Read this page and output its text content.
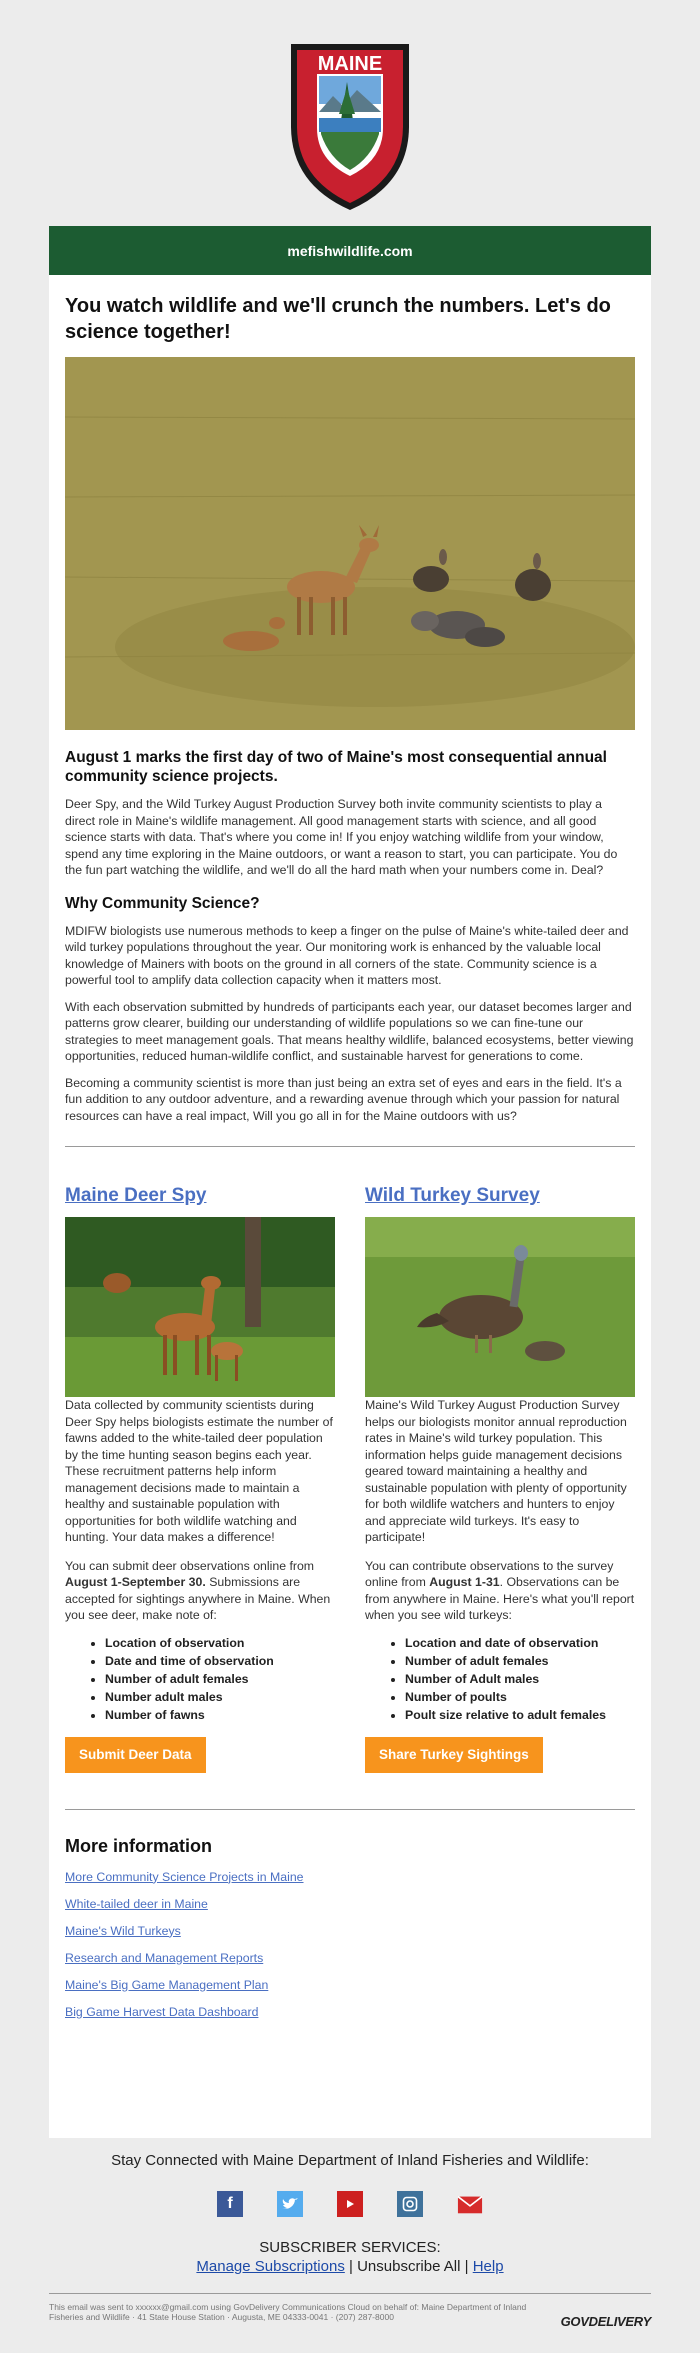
MAINE
mefishwildlife.com
You watch wildlife and we'll crunch the numbers. Let's do science together!
August 1 marks the first day of two of Maine's most consequential annual community science projects.

Deer Spy, and the Wild Turkey August Production Survey both invite community scientists to play a direct role in Maine's wildlife management. All good management starts with science, and all good science starts with data. That's where you come in! If you enjoy watching wildlife from your window, spend any time exploring in the Maine outdoors, or want a reason to start, you can participate. You do the fun part watching the wildlife, and we'll do all the hard math when your numbers come in. Deal?

Why Community Science?

MDIFW biologists use numerous methods to keep a finger on the pulse of Maine's white-tailed deer and wild turkey populations throughout the year. Our monitoring work is enhanced by the valuable local knowledge of Mainers with boots on the ground in all corners of the state. Community science is a powerful tool to amplify data collection capacity when it matters most.

With each observation submitted by hundreds of participants each year, our dataset becomes larger and patterns grow clearer, building our understanding of wildlife populations so we can fine-tune our strategies to meet management goals. That means healthy wildlife, balanced ecosystems, better viewing opportunities, reduced human-wildlife conflict, and sustainable harvest for generations to come.

Becoming a community scientist is more than just being an extra set of eyes and ears in the field. It's a fun addition to any outdoor adventure, and a rewarding avenue through which your passion for natural resources can have a real impact, Will you go all in for the Maine outdoors with us?

Maine Deer Spy

Data collected by community scientists during Deer Spy helps biologists estimate the number of fawns added to the white-tailed deer population by the time hunting season begins each year. These recruitment patterns help inform management decisions made to maintain a healthy and sustainable population with opportunities for both wildlife watching and hunting. Your data makes a difference!

You can submit deer observations online from August 1-September 30. Submissions are accepted for sightings anywhere in Maine. When you see deer, make note of:

• Location of observation
• Date and time of observation
• Number of adult females
• Number adult males
• Number of fawns
Submit Deer Data
Wild Turkey Survey

Maine's Wild Turkey August Production Survey helps our biologists monitor annual reproduction rates in Maine's wild turkey population. This information helps guide management decisions geared toward maintaining a healthy and sustainable population with plenty of opportunity for both wildlife watchers and hunters to enjoy and appreciate wild turkeys. It's easy to participate!

You can contribute observations to the survey online from August 1-31. Observations can be from anywhere in Maine. Here's what you'll report when you see wild turkeys:

• Location and date of observation
• Number of adult females
• Number of Adult males
• Number of poults
• Poult size relative to adult females
Share Turkey Sightings
More information
More Community Science Projects in Maine
White-tailed deer in Maine
Maine's Wild Turkeys
Research and Management Reports
Maine's Big Game Management Plan
Big Game Harvest Data Dashboard
Stay Connected with Maine Department of Inland Fisheries and Wildlife:
f
SUBSCRIBER SERVICES:
Manage Subscriptions | Unsubscribe All | Help
This email was sent to xxxxxx@gmail.com using GovDelivery Communications Cloud on behalf of: Maine Department of Inland Fisheries and Wildlife · 41 State House Station · Augusta, ME 04333-0041 · (207) 287-8000	GOVDELIVERY
